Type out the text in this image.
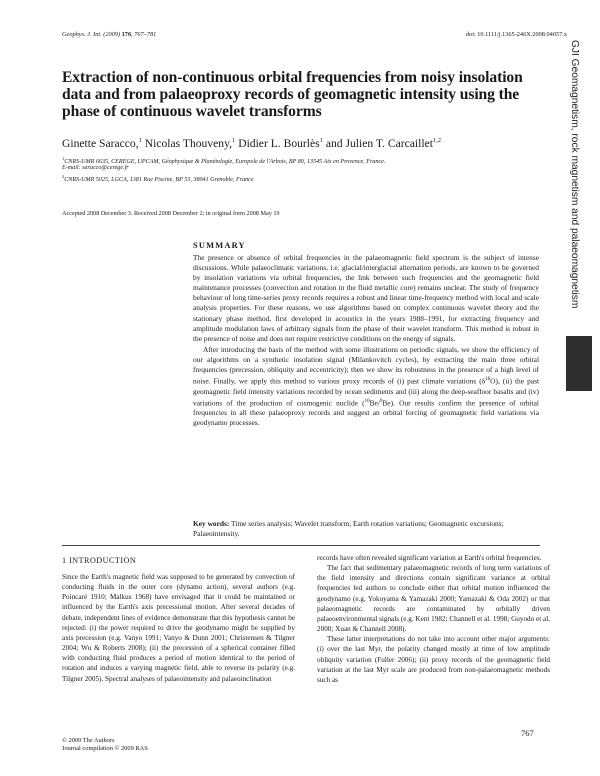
Geophys. J. Int. (2009) 176, 767–781	doi: 10.1111/j.1365-246X.2008.04057.x
Extraction of non-continuous orbital frequencies from noisy insolation data and from palaeoproxy records of geomagnetic intensity using the phase of continuous wavelet transforms
Ginette Saracco,$^1$ Nicolas Thouveny,$^1$ Didier L. Bourlès$^1$ and Julien T. Carcaillet$^{1,2}$
$^1$CNRS-UMR 6635, CEREGE, UPCAM, Géophysique & Planétologie, Europole de l'Arbois, BP 80, 13545 Aix en Provence, France.
E-mail: saracco@cerege.fr
$^2$CNRS-UMR 5025, LGCA, 1381 Rue Piscine, BP 53, 38041 Grenoble, France
Accepted 2008 December 3. Received 2008 December 2; in original form 2008 May 19
SUMMARY

The presence or absence of orbital frequencies in the palaeomagnetic field spectrum is the subject of intense discussions. While palaeoclimatic variations, i.e. glacial/interglacial alternation periods, are known to be governed by insolation variations via orbital frequencies, the link between such frequencies and the geomagnetic field maintenance processes (convection and rotation in the fluid metallic core) remains unclear. The study of frequency behaviour of long time-series proxy records requires a robust and linear time-frequency method with local and scale analysis properties. For these reasons, we use algorithms based on complex continuous wavelet theory and the stationary phase method, first developed in acoustics in the years 1988–1991, for extracting frequency and amplitude modulation laws of arbitrary signals from the phase of their wavelet transform. This method is robust in the presence of noise and does not require restrictive conditions on the energy of signals.

After introducing the basis of the method with some illustrations on periodic signals, we show the efficiency of our algorithms on a synthetic insolation signal (Milankovitch cycles), by extracting the main three orbital frequencies (precession, obliquity and eccentricity); then we show its robustness in the presence of a high level of noise. Finally, we apply this method to various proxy records of (i) past climate variations $(\delta^{18}O)$, (ii) the past geomagnetic field intensity variations recorded by ocean sediments and (iii) along the deep-seafloor basalts and (iv) variations of the production of cosmogenic nuclide ($^{10}$Be/$^9$Be). Our results confirm the presence of orbital frequencies in all these palaeoproxy records and suggest an orbital forcing of geomagnetic field variations via geodynamo processes.

Key words: Time series analysis; Wavelet transform; Earth rotation variations; Geomagnetic excursions; Palaeointensity.
1 INTRODUCTION

Since the Earth's magnetic field was supposed to be generated by convection of conducting fluids in the outer core (dynamo action), several authors (e.g. Poincaré 1910; Malkus 1968) have envisaged that it could be maintained or influenced by the Earth's axis precessional motion. After several decades of debate, independent lines of evidence demonstrate that this hypothesis cannot be rejected: (i) the power required to drive the geodynamo might be supplied by axis precession (e.g. Vanyo 1991; Vanyo & Dunn 2001; Christensen & Tilgner 2004; Wu & Roberts 2008); (ii) the precession of a spherical container filled with conducting fluid produces a period of motion identical to the period of rotation and induces a varying magnetic field, able to reverse its polarity (e.g. Tilgner 2005). Spectral analyses of palaeointensity and palaeoinclination

records have often revealed significant variation at Earth's orbital frequencies.

The fact that sedimentary palaeomagnetic records of long term variations of the field intensity and directions contain significant variance at orbital frequencies led authors to conclude either that orbital motion influenced the geodynamo (e.g. Yokoyama & Yamazaki 2000; Yamazaki & Oda 2002) or that palaeomagnetic records are contaminated by orbitally driven palaeoenvironmental signals (e.g. Kent 1982; Channell et al. 1998; Guyodo et al. 2000; Xuan & Channell 2008).

These latter interpretations do not take into account other major arguments: (i) over the last Myr, the polarity changed mostly at time of low amplitude obliquity variation (Fuller 2006); (ii) proxy records of the geomagnetic field variation at the last Myr scale are produced from non-palaeomagnetic methods such as

© 2009 The Authors
Journal compilation © 2009 RAS
767
GJI Geomagnetism, rock magnetism and palaeomagnetism
